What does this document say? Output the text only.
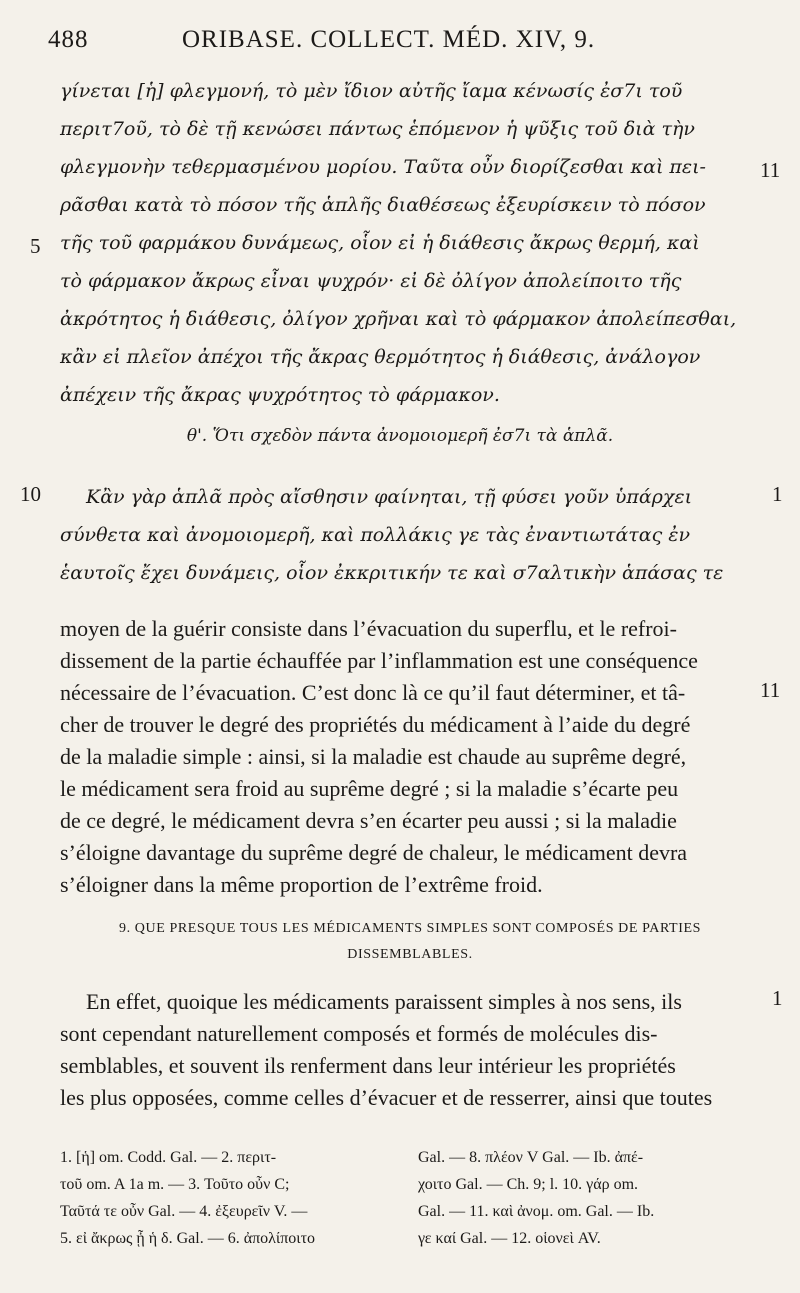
488	ORIBASE. COLLECT. MÉD. XIV, 9.
γίνεται [ἡ] φλεγμονή, τὸ μὲν ἴδιον αὐτῆς ἴαμα κένωσίς ἐσ7ι τοῦ
περιτ7οῦ, τὸ δὲ τῇ κενώσει πάντως ἑπόμενον ἡ ψῦξις τοῦ διὰ τὴν
φλεγμονὴν τεθερμασμένου μορίου. Ταῦτα οὖν διορίζεσθαι καὶ πει-
ρᾶσθαι κατὰ τὸ πόσον τῆς ἁπλῆς διαθέσεως ἐξευρίσκειν τὸ πόσον
τῆς τοῦ φαρμάκου δυνάμεως, οἷον εἰ ἡ διάθεσις ἄκρως θερμή, καὶ
τὸ φάρμακον ἄκρως εἶναι ψυχρόν· εἰ δὲ ὀλίγον ἀπολείποιτο τῆς
ἀκρότητος ἡ διάθεσις, ὀλίγον χρῆναι καὶ τὸ φάρμακον ἀπολείπεσθαι,
κἂν εἰ πλεῖον ἀπέχοι τῆς ἄκρας θερμότητος ἡ διάθεσις, ἀνάλογον
ἀπέχειν τῆς ἄκρας ψυχρότητος τὸ φάρμακον.
θ'. Ὅτι σχεδὸν πάντα ἀνομοιομερῆ ἐσ7ι τὰ ἁπλᾶ.
Κἂν γὰρ ἁπλᾶ πρὸς αἴσθησιν φαίνηται, τῇ φύσει γοῦν ὑπάρχει
σύνθετα καὶ ἀνομοιομερῆ, καὶ πολλάκις γε τὰς ἐναντιωτάτας ἐν
ἑαυτοῖς ἔχει δυνάμεις, οἷον ἐκκριτικήν τε καὶ σ7αλτικὴν ἁπάσας τε
moyen de la guérir consiste dans l’évacuation du superflu, et le refroi-
dissement de la partie échauffée par l’inflammation est une conséquence
nécessaire de l’évacuation. C’est donc là ce qu’il faut déterminer, et tâ-
cher de trouver le degré des propriétés du médicament à l’aide du degré
de la maladie simple : ainsi, si la maladie est chaude au suprême degré,
le médicament sera froid au suprême degré ; si la maladie s’écarte peu
de ce degré, le médicament devra s’en écarter peu aussi ; si la maladie
s’éloigne davantage du suprême degré de chaleur, le médicament devra
s’éloigner dans la même proportion de l’extrême froid.
9. QUE PRESQUE TOUS LES MÉDICAMENTS SIMPLES SONT COMPOSÉS DE PARTIES
DISSEMBLABLES.
En effet, quoique les médicaments paraissent simples à nos sens, ils
sont cependant naturellement composés et formés de molécules dis-
semblables, et souvent ils renferment dans leur intérieur les propriétés
les plus opposées, comme celles d’évacuer et de resserrer, ainsi que toutes
11
5
10	1
11
1
1. [ἡ] om. Codd. Gal. — 2. περιτ-
τοῦ om. A 1a m. — 3. Τοῦτο οὖν C;
Ταῦτά τε οὖν Gal. — 4. ἐξευρεῖν V. —
5. εἰ ἄκρως ᾖ ἡ δ. Gal. — 6. ἀπολίποιτο
Gal. — 8. πλέον V Gal. — Ib. ἀπέ-
χοιτο Gal. — Ch. 9; l. 10. γάρ om.
Gal. — 11. καὶ ἀνομ. om. Gal. — Ib.
γε καί Gal. — 12. οἱονεὶ AV.
